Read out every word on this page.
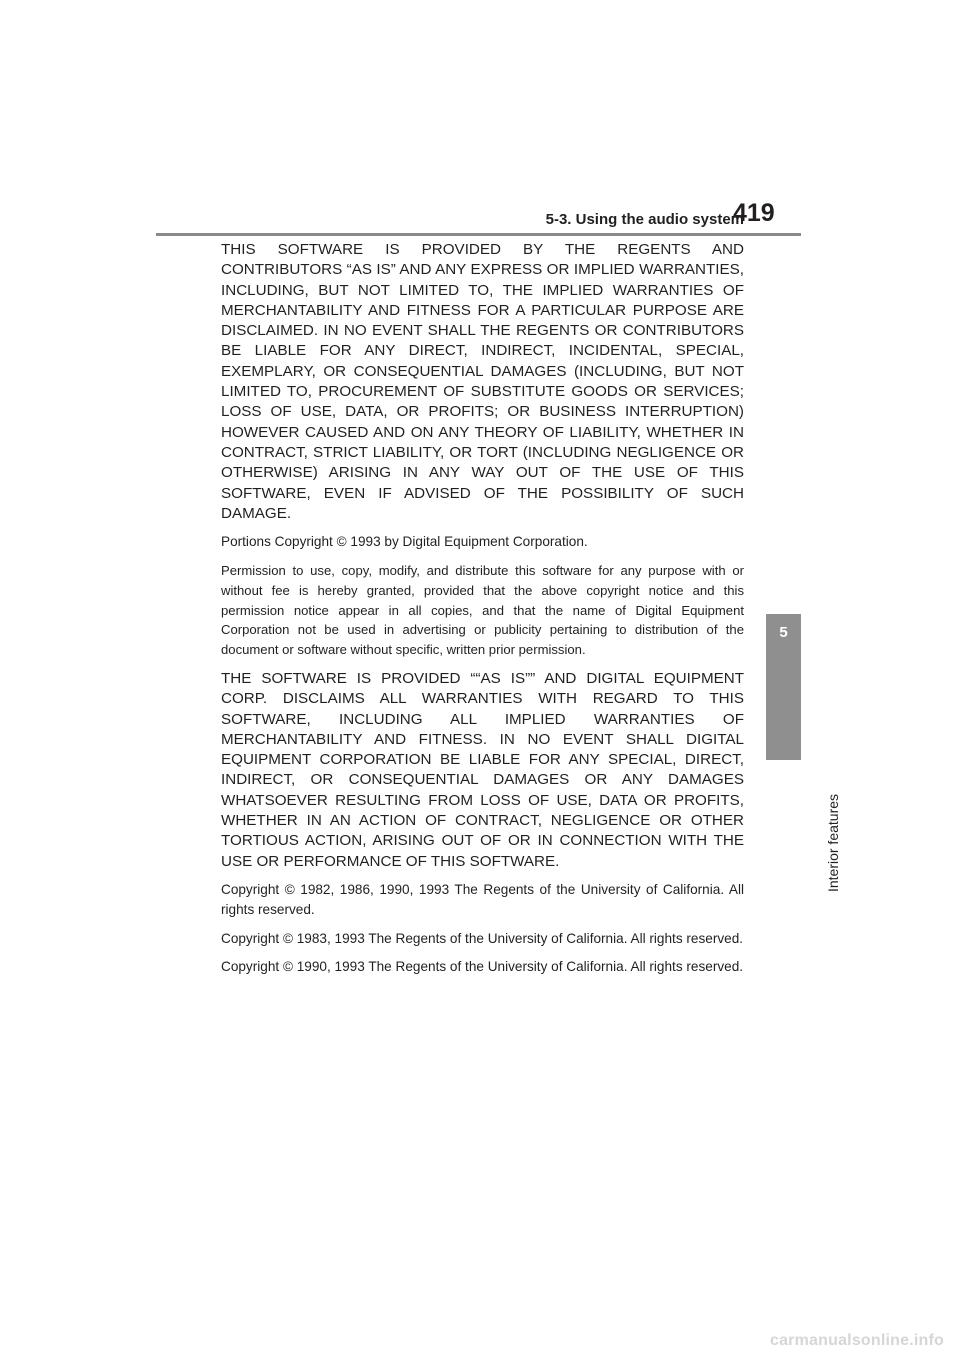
5-3. Using the audio system
419
5
Interior features

THIS SOFTWARE IS PROVIDED BY THE REGENTS AND CONTRIBUTORS “AS IS” AND ANY EXPRESS OR IMPLIED WARRANTIES, INCLUDING, BUT NOT LIMITED TO, THE IMPLIED WARRANTIES OF MERCHANTABILITY AND FITNESS FOR A PARTICULAR PURPOSE ARE DISCLAIMED. IN NO EVENT SHALL THE REGENTS OR CONTRIBUTORS BE LIABLE FOR ANY DIRECT, INDIRECT, INCIDENTAL, SPECIAL, EXEMPLARY, OR CONSEQUENTIAL DAMAGES (INCLUDING, BUT NOT LIMITED TO, PROCUREMENT OF SUBSTITUTE GOODS OR SERVICES; LOSS OF USE, DATA, OR PROFITS; OR BUSINESS INTERRUPTION) HOWEVER CAUSED AND ON ANY THEORY OF LIABILITY, WHETHER IN CONTRACT, STRICT LIABILITY, OR TORT (INCLUDING NEGLIGENCE OR OTHERWISE) ARISING IN ANY WAY OUT OF THE USE OF THIS SOFTWARE, EVEN IF ADVISED OF THE POSSIBILITY OF SUCH DAMAGE.

Portions Copyright © 1993 by Digital Equipment Corporation.

Permission to use, copy, modify, and distribute this software for any purpose with or without fee is hereby granted, provided that the above copyright notice and this permission notice appear in all copies, and that the name of Digital Equipment Corporation not be used in advertising or publicity pertaining to distribution of the document or software without specific, written prior permission.

THE SOFTWARE IS PROVIDED ““AS IS”” AND DIGITAL EQUIPMENT CORP. DISCLAIMS ALL WARRANTIES WITH REGARD TO THIS SOFTWARE, INCLUDING ALL IMPLIED WARRANTIES OF MERCHANTABILITY AND FITNESS. IN NO EVENT SHALL DIGITAL EQUIPMENT CORPORATION BE LIABLE FOR ANY SPECIAL, DIRECT, INDIRECT, OR CONSEQUENTIAL DAMAGES OR ANY DAMAGES WHATSOEVER RESULTING FROM LOSS OF USE, DATA OR PROFITS, WHETHER IN AN ACTION OF CONTRACT, NEGLIGENCE OR OTHER TORTIOUS ACTION, ARISING OUT OF OR IN CONNECTION WITH THE USE OR PERFORMANCE OF THIS SOFTWARE.

Copyright © 1982, 1986, 1990, 1993 The Regents of the University of California. All rights reserved.

Copyright © 1983, 1993 The Regents of the University of California. All rights reserved.

Copyright © 1990, 1993 The Regents of the University of California. All rights reserved.

carmanualsonline.info
